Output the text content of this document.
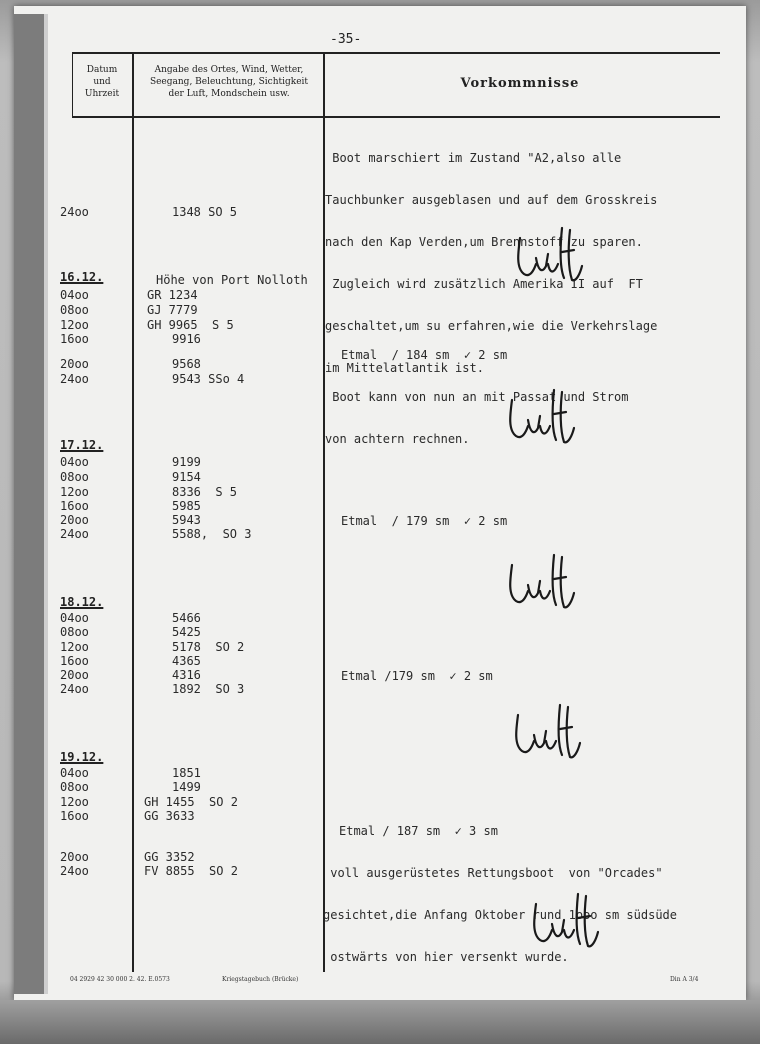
-35-
Datum
und
Uhrzeit
Angabe des Ortes, Wind, Wetter,
Seegang, Beleuchtung, Sichtigkeit
der Luft, Mondschein usw.
Vorkommnisse

Boot marschiert im Zustand "A2,also alle

Tauchbunker ausgeblasen und auf dem Grosskreis

nach den Kap Verden,um Brennstoff zu sparen.

Zugleich wird zusätzlich Amerika II auf  FT

geschaltet,um su erfahren,wie die Verkehrslage

im Mittelatlantik ist.

24oo	1348 SO 5
16.12.	Höhe von Port Nolloth
04oo	GR 1234
08oo	GJ 7779
12oo	GH 9965  S 5
16oo	9916
20oo	9568
24oo	9543 SSo 4

Etmal  / 184 sm  ✓ 2 sm

Boot kann von nun an mit Passat und Strom

von achtern rechnen.

17.12.
04oo	9199
08oo	9154
12oo	8336  S 5
16oo	5985
20oo	5943
24oo	5588,  SO 3

Etmal  / 179 sm  ✓ 2 sm

18.12.
04oo	5466
08oo	5425
12oo	5178  SO 2
16oo	4365
20oo	4316
24oo	1892  SO 3

Etmal /179 sm  ✓ 2 sm

19.12.
04oo	1851
08oo	1499
12oo	GH 1455  SO 2
16oo	GG 3633
20oo	GG 3352
24oo	FV 8855  SO 2

Etmal / 187 sm  ✓ 3 sm

voll ausgerüstetes Rettungsboot  von "Orcades"

gesichtet,die Anfang Oktober rund 1ooo sm südsüde

ostwärts von hier versenkt wurde.

04 2929 42 30 000 2. 42. E.0573	Kriegstagebuch (Brücke)	Din A 3/4
